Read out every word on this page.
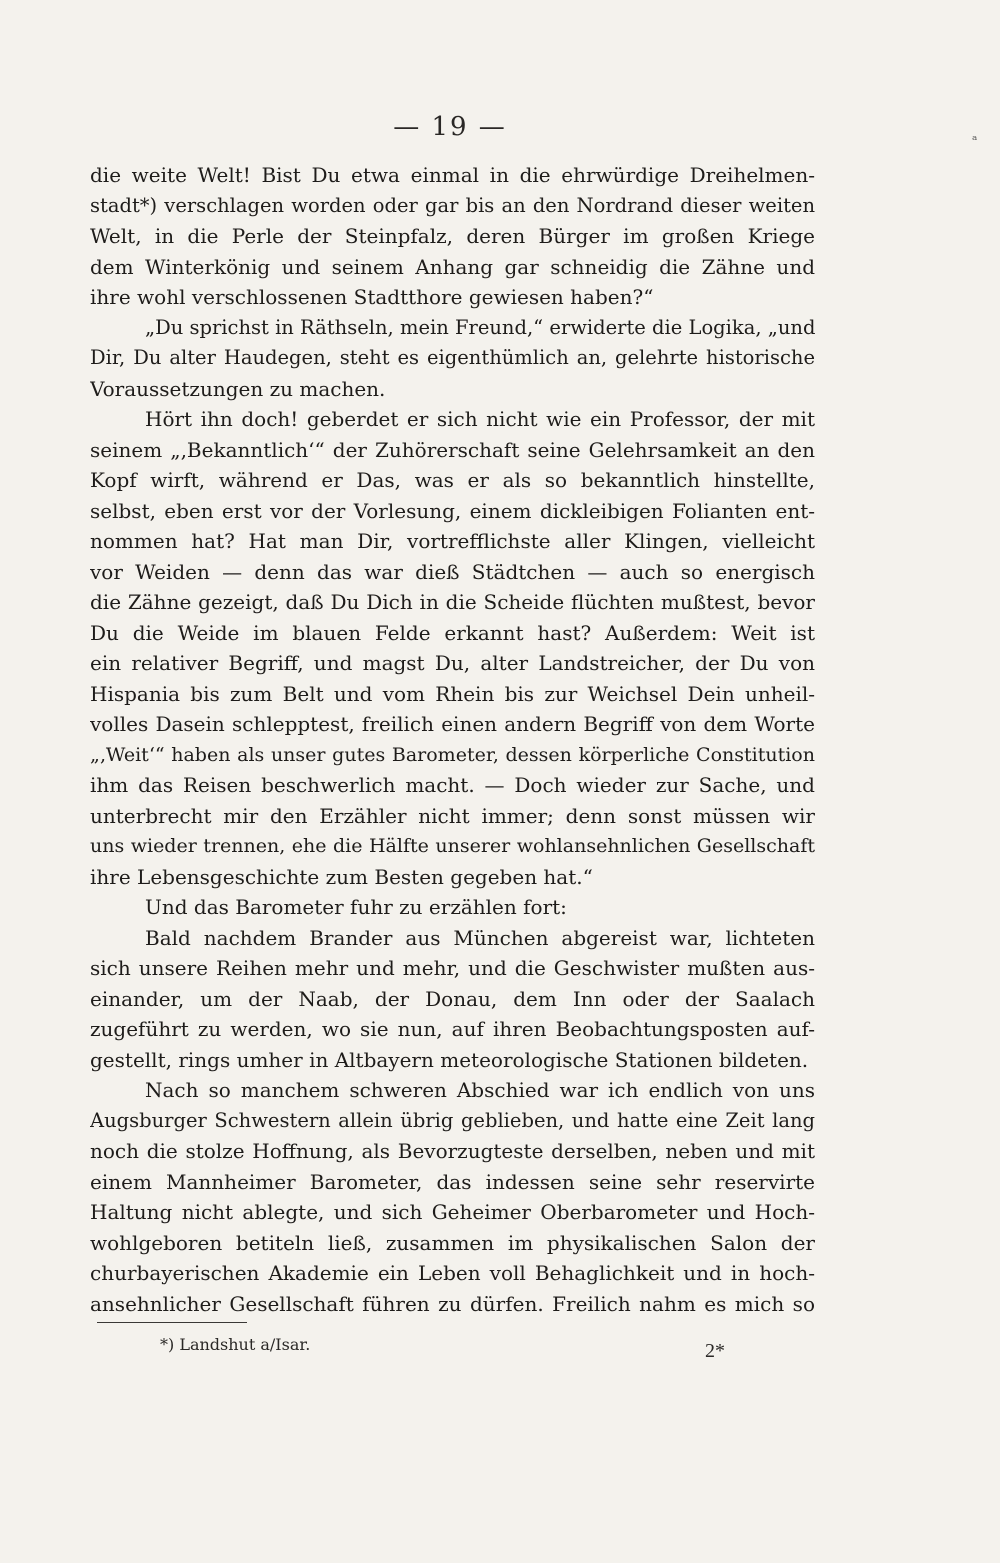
— 19 —	ₐ
die weite Welt! Bist Du etwa einmal in die ehrwürdige Dreihelmen-
stadt*) verschlagen worden oder gar bis an den Nordrand dieser weiten
Welt, in die Perle der Steinpfalz, deren Bürger im großen Kriege
dem Winterkönig und seinem Anhang gar schneidig die Zähne und
ihre wohl verschlossenen Stadtthore gewiesen haben?“
„Du sprichst in Räthseln, mein Freund,“ erwiderte die Logika, „und
Dir, Du alter Haudegen, steht es eigenthümlich an, gelehrte historische
Voraussetzungen zu machen.
Hört ihn doch! geberdet er sich nicht wie ein Professor, der mit
seinem „‚Bekanntlich‘“ der Zuhörerschaft seine Gelehrsamkeit an den
Kopf wirft, während er Das, was er als so bekanntlich hinstellte,
selbst, eben erst vor der Vorlesung, einem dickleibigen Folianten ent-
nommen hat? Hat man Dir, vortrefflichste aller Klingen, vielleicht
vor Weiden — denn das war dieß Städtchen — auch so energisch
die Zähne gezeigt, daß Du Dich in die Scheide flüchten mußtest, bevor
Du die Weide im blauen Felde erkannt hast? Außerdem: Weit ist
ein relativer Begriff, und magst Du, alter Landstreicher, der Du von
Hispania bis zum Belt und vom Rhein bis zur Weichsel Dein unheil-
volles Dasein schlepptest, freilich einen andern Begriff von dem Worte
„‚Weit‘“ haben als unser gutes Barometer, dessen körperliche Constitution
ihm das Reisen beschwerlich macht. — Doch wieder zur Sache, und
unterbrecht mir den Erzähler nicht immer; denn sonst müssen wir
uns wieder trennen, ehe die Hälfte unserer wohlansehnlichen Gesellschaft
ihre Lebensgeschichte zum Besten gegeben hat.“
Und das Barometer fuhr zu erzählen fort:
Bald nachdem Brander aus München abgereist war, lichteten
sich unsere Reihen mehr und mehr, und die Geschwister mußten aus-
einander, um der Naab, der Donau, dem Inn oder der Saalach
zugeführt zu werden, wo sie nun, auf ihren Beobachtungsposten auf-
gestellt, rings umher in Altbayern meteorologische Stationen bildeten.
Nach so manchem schweren Abschied war ich endlich von uns
Augsburger Schwestern allein übrig geblieben, und hatte eine Zeit lang
noch die stolze Hoffnung, als Bevorzugteste derselben, neben und mit
einem Mannheimer Barometer, das indessen seine sehr reservirte
Haltung nicht ablegte, und sich Geheimer Oberbarometer und Hoch-
wohlgeboren betiteln ließ, zusammen im physikalischen Salon der
churbayerischen Akademie ein Leben voll Behaglichkeit und in hoch-
ansehnlicher Gesellschaft führen zu dürfen. Freilich nahm es mich so
*) Landshut a/Isar.	2*
